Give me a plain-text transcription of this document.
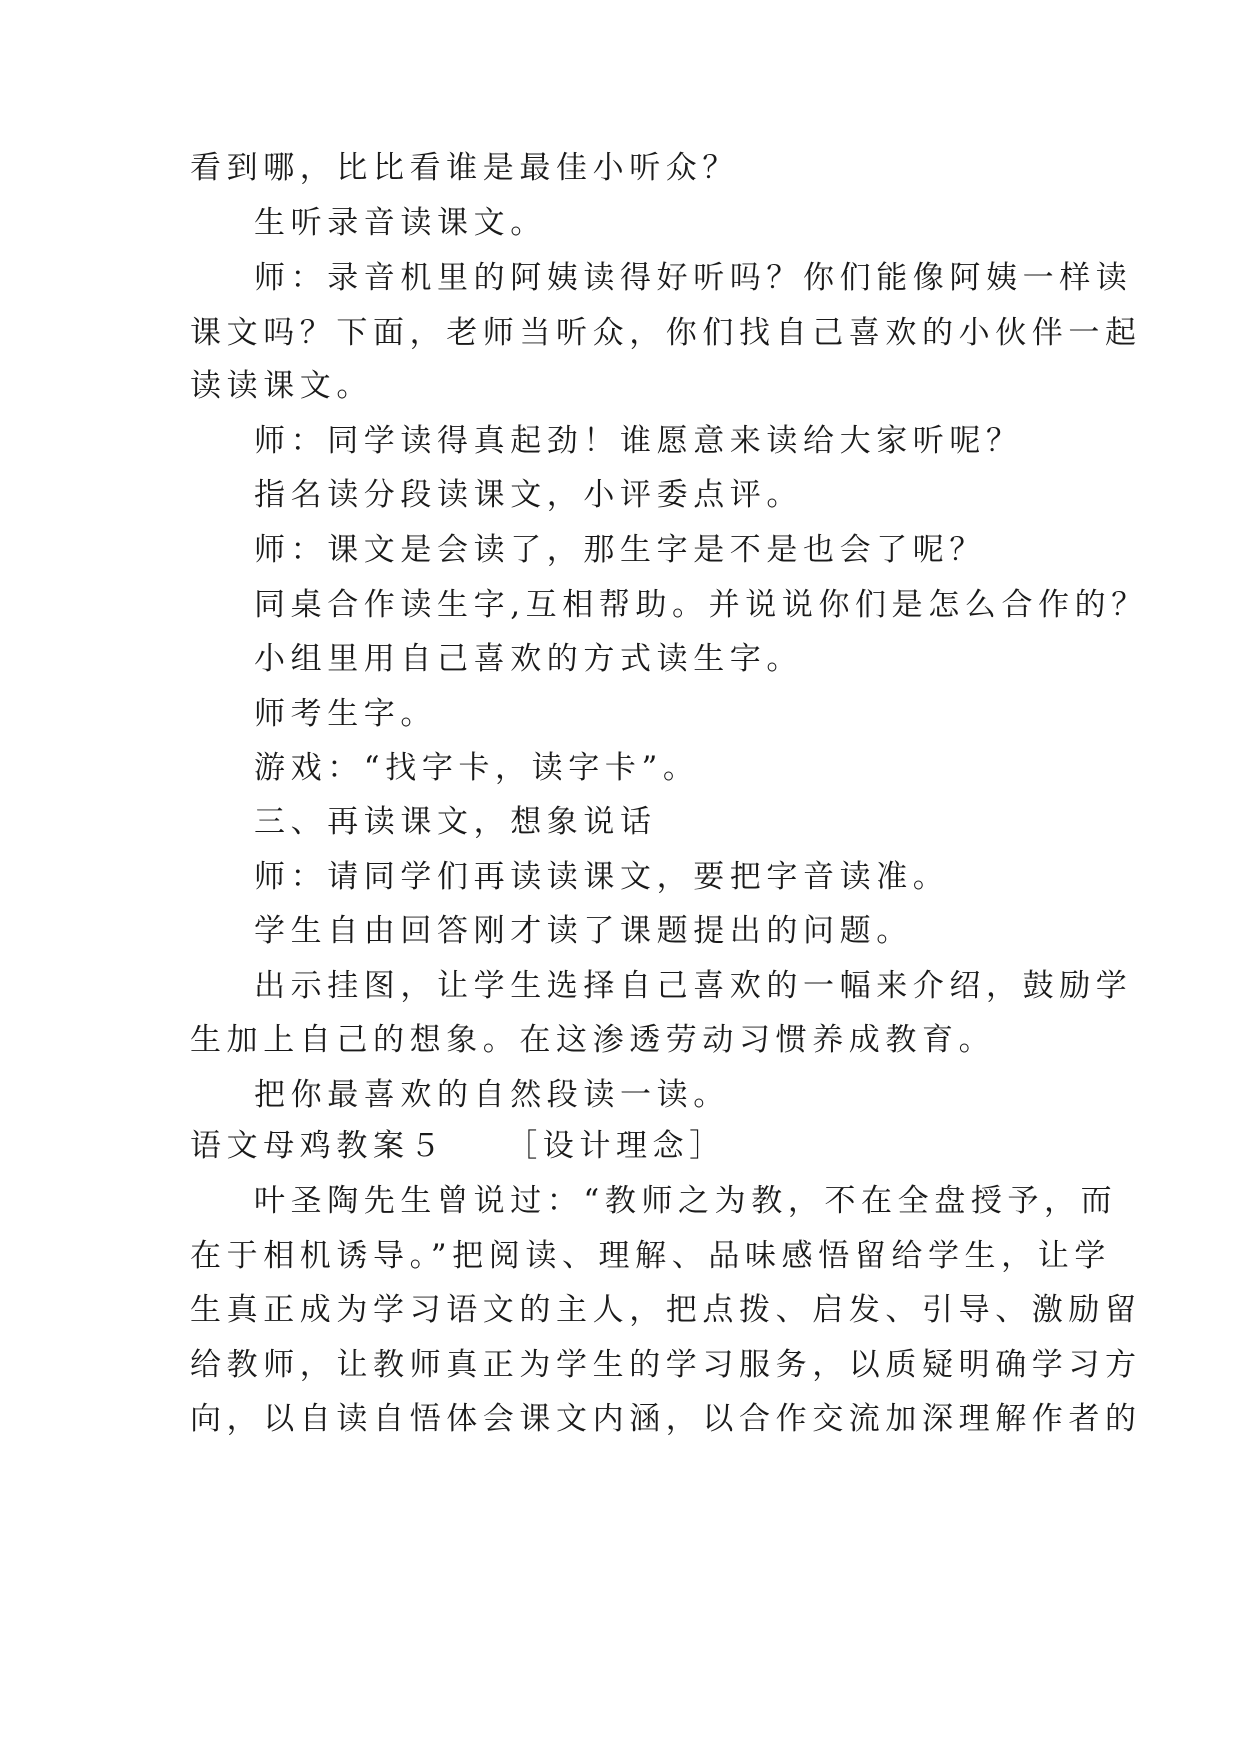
看到哪，比比看谁是最佳小听众？
生听录音读课文。
师：录音机里的阿姨读得好听吗？你们能像阿姨一样读
课文吗？下面，老师当听众，你们找自己喜欢的小伙伴一起
读读课文。
师：同学读得真起劲！谁愿意来读给大家听呢？
指名读分段读课文，小评委点评。
师：课文是会读了，那生字是不是也会了呢？
同桌合作读生字,互相帮助。并说说你们是怎么合作的？
小组里用自己喜欢的方式读生字。
师考生字。
游戏：“找字卡，读字卡”。
三、再读课文，想象说话
师：请同学们再读读课文，要把字音读准。
学生自由回答刚才读了课题提出的问题。
出示挂图，让学生选择自己喜欢的一幅来介绍，鼓励学
生加上自己的想象。在这渗透劳动习惯养成教育。
把你最喜欢的自然段读一读。
语文母鸡教案５ ［设计理念］
叶圣陶先生曾说过：“教师之为教，不在全盘授予，而
在于相机诱导。”把阅读、理解、品味感悟留给学生，让学
生真正成为学习语文的主人，把点拨、启发、引导、激励留
给教师，让教师真正为学生的学习服务，以质疑明确学习方
向，以自读自悟体会课文内涵，以合作交流加深理解作者的
